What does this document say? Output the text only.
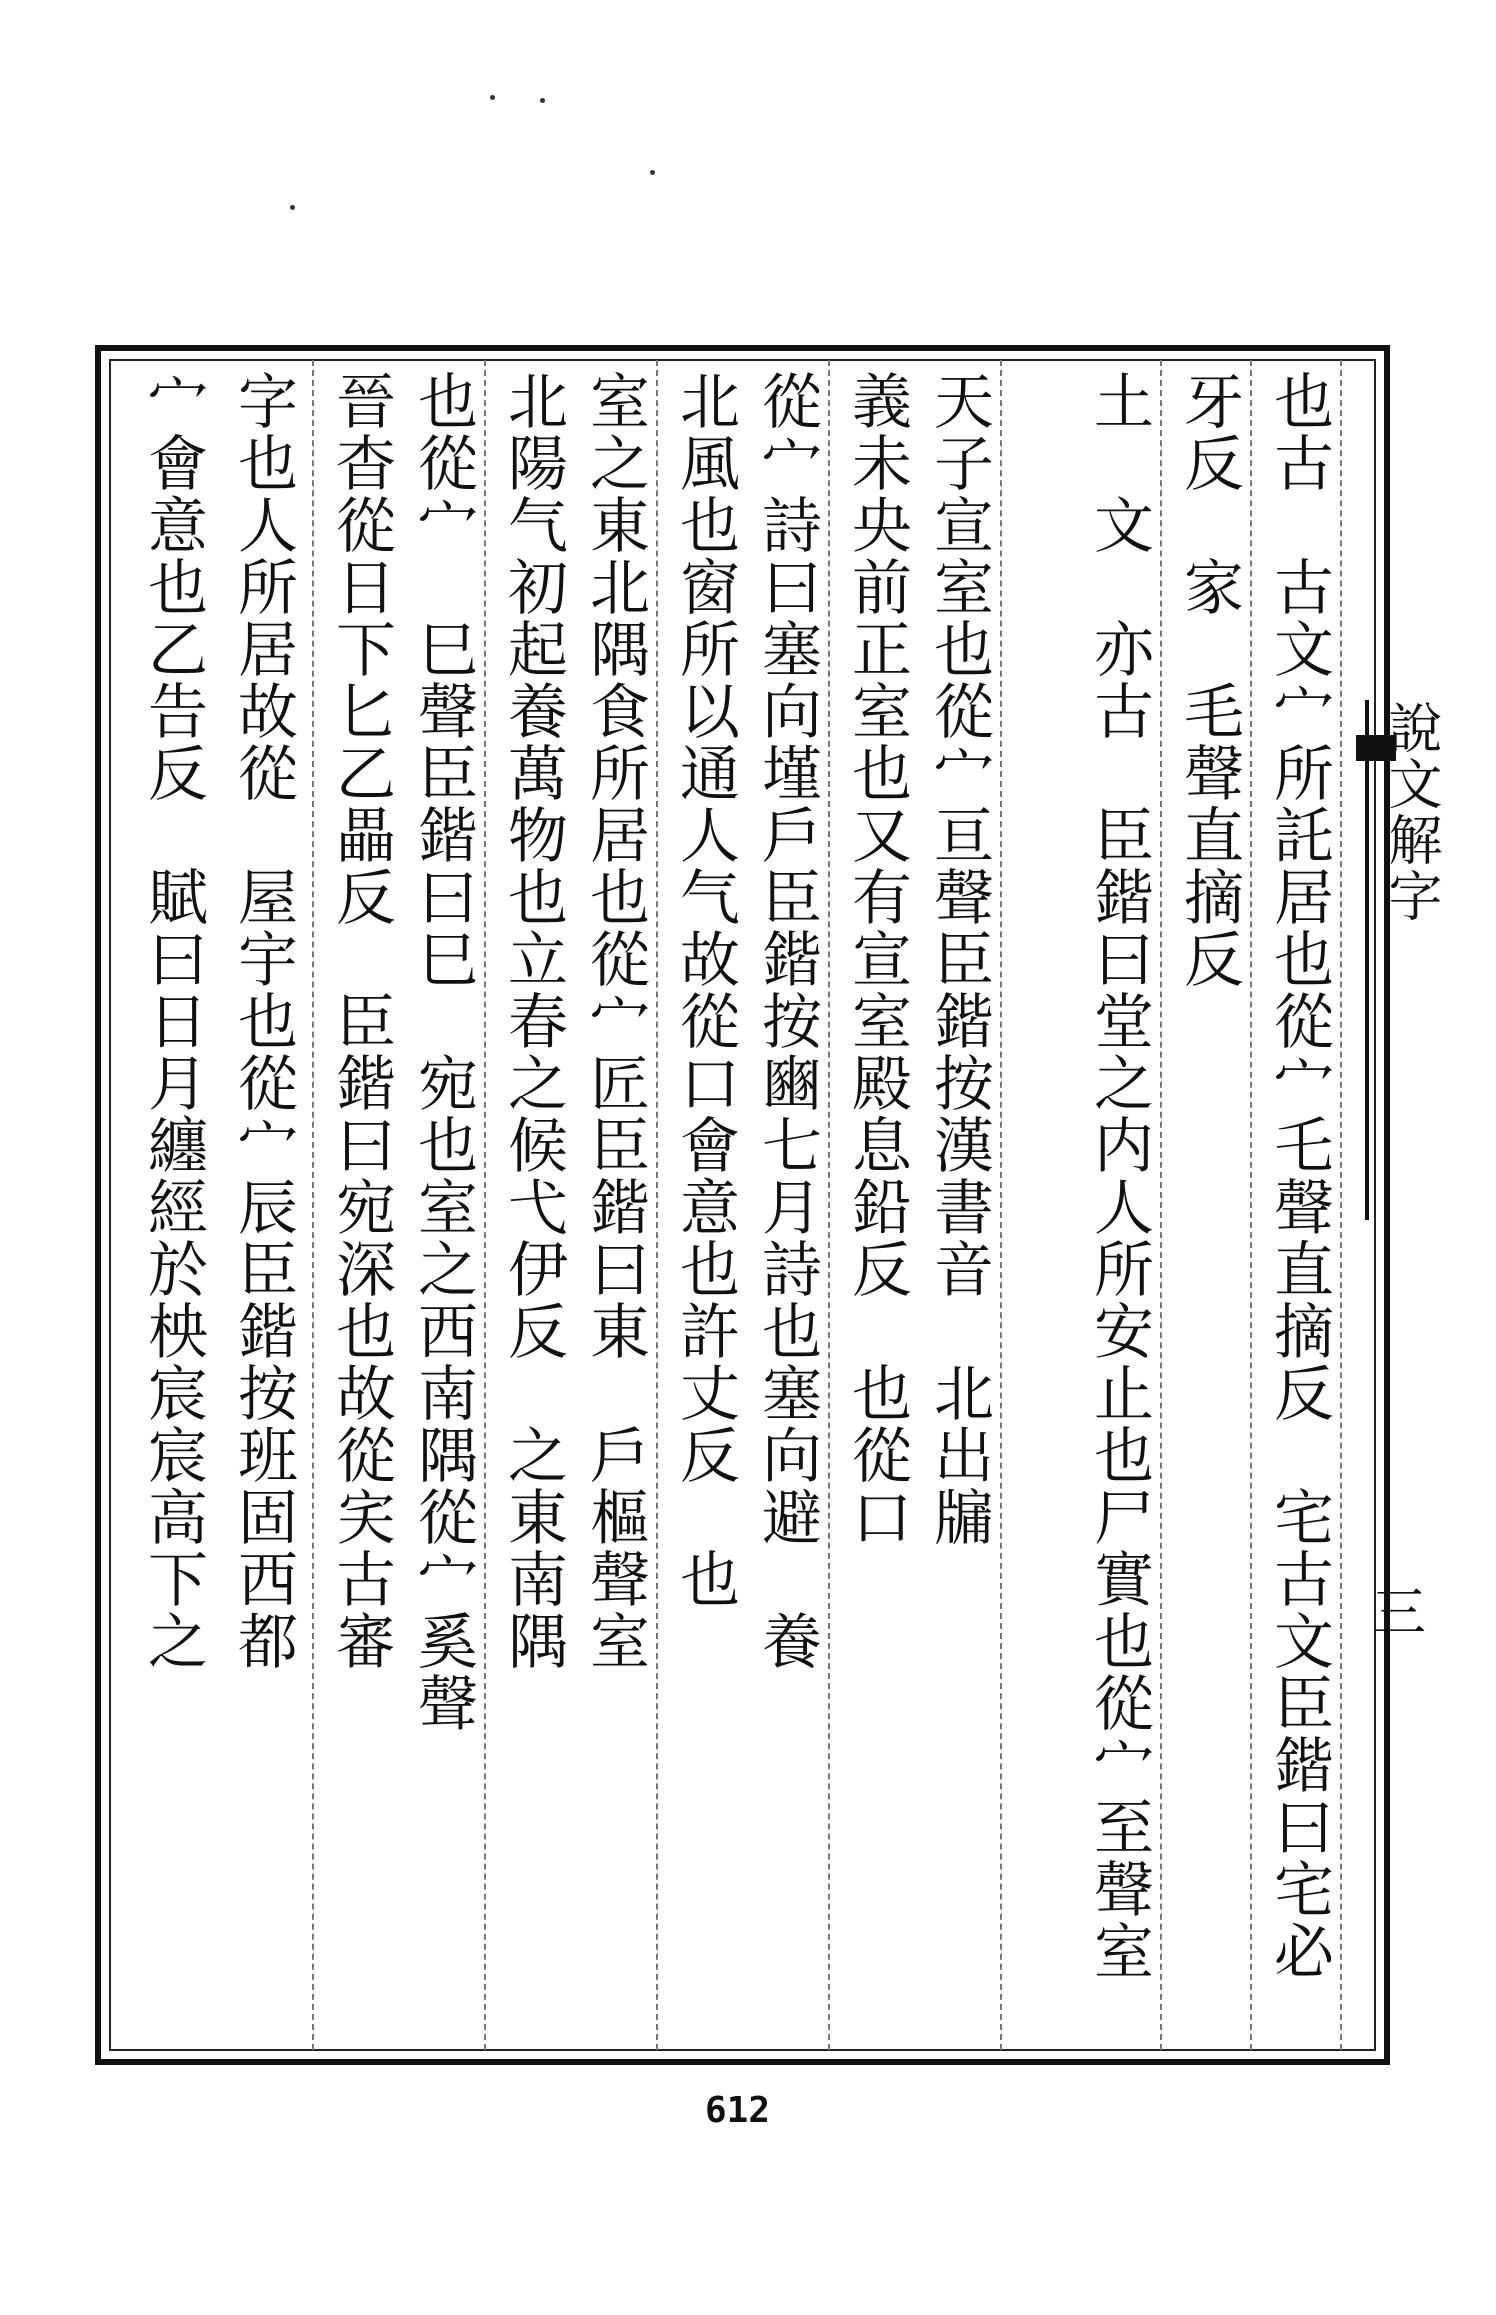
說文解字
三
也古　古文宀所託居也從宀乇聲直摘反　宅古文臣鍇曰宅必
牙反　家　毛聲直摘反
土　文　亦古　臣鍇曰堂之内人所安止也尸實也從宀至聲室
天子宣室也從宀亘聲臣鍇按漢書音　北出牖
義未央前正室也又有宣室殿息鉛反　也從口
從宀詩曰塞向墐戶臣鍇按豳七月詩也塞向避　養
北風也窗所以通人气故從口會意也許丈反　也
室之東北隅食所居也從宀匠臣鍇曰東　戶樞聲室
北陽气初起養萬物也立春之候弋伊反　之東南隅
也從宀　巳聲臣鍇曰巳　宛也室之西南隅從宀奚聲
晉杳從日下匕乙畾反　臣鍇曰宛深也故從宎古審
字也人所居故從　屋宇也從宀辰臣鍇按班固西都
宀會意也乙告反　賦曰日月纏經於柍宸宸高下之
612
